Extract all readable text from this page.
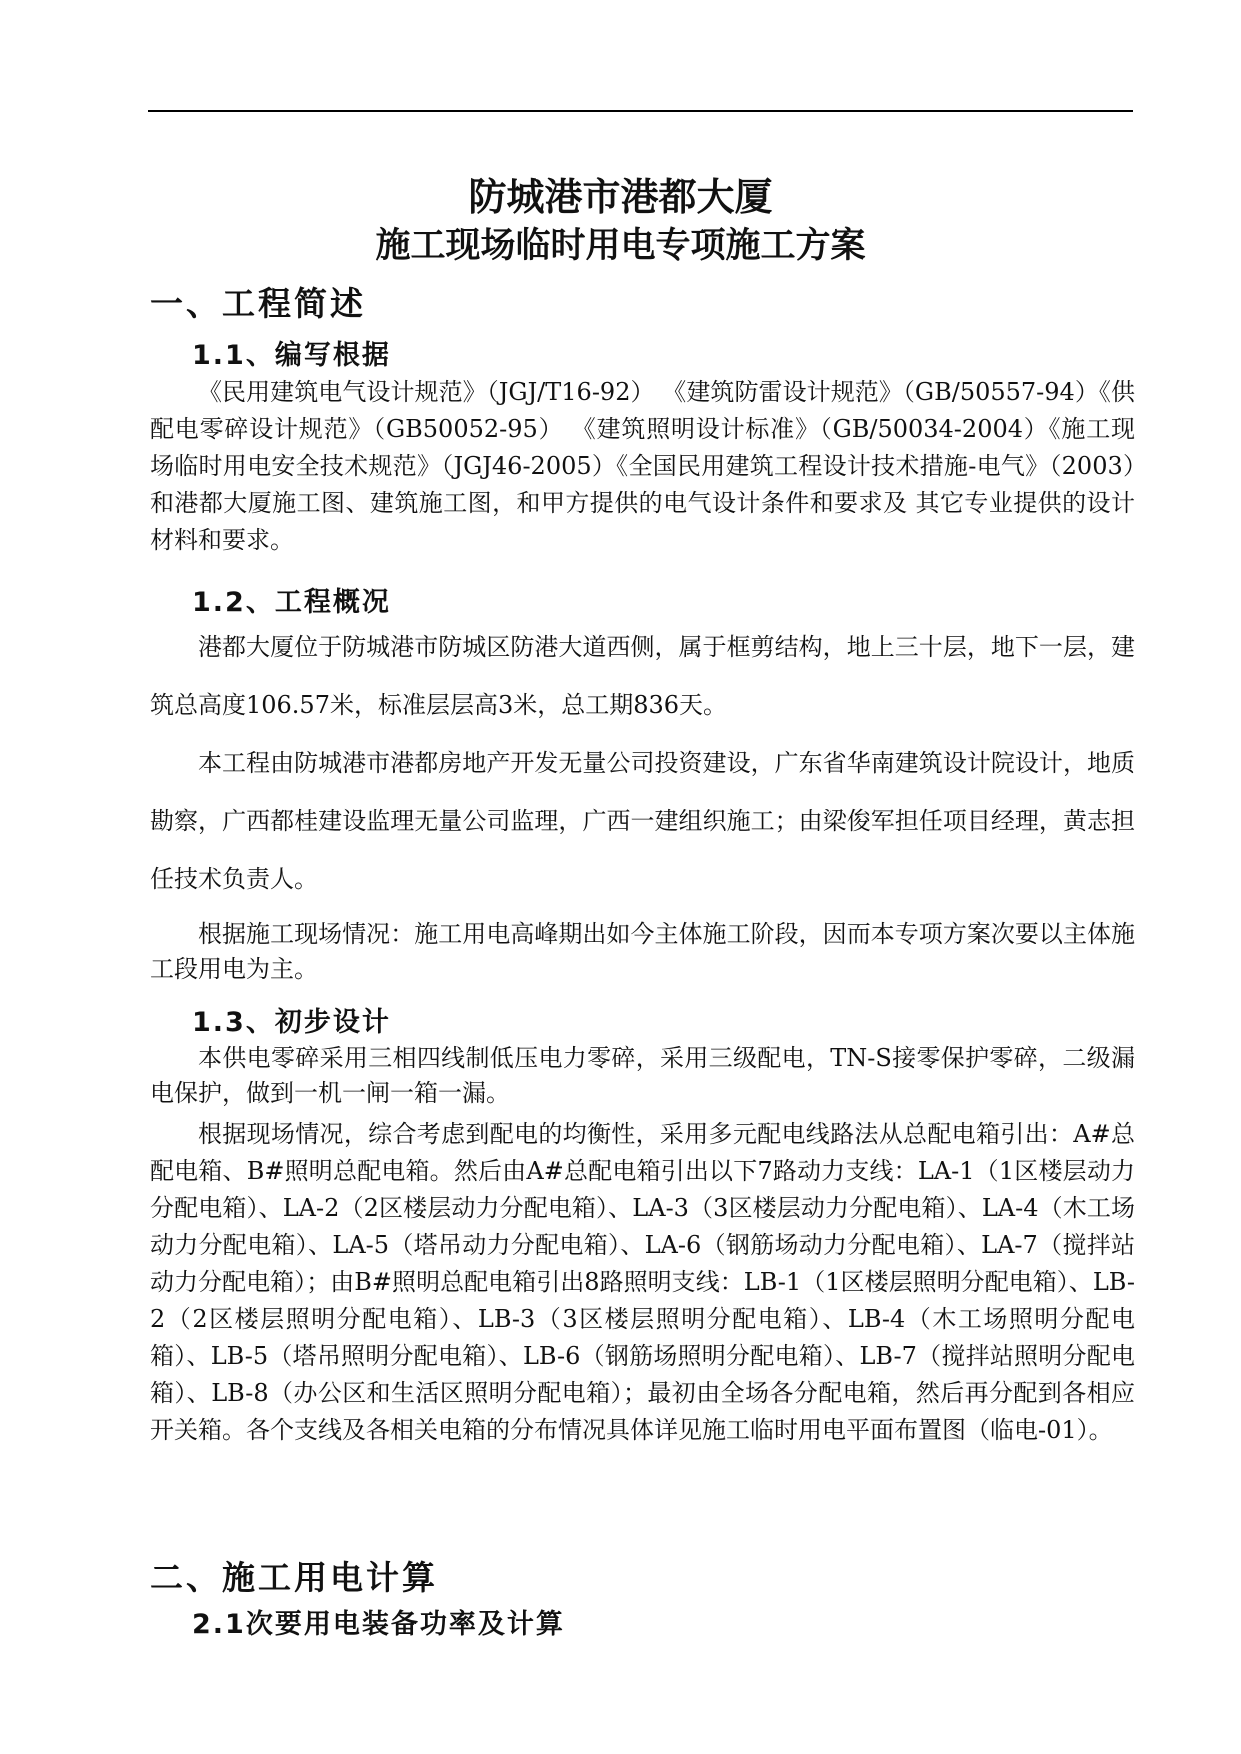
防城港市港都大厦
施工现场临时用电专项施工方案
一、工程简述
1.1、编写根据

《民用建筑电气设计规范》（JGJ/T16-92） 《建筑防雷设计规范》（GB/50557-94）《供配电零碎设计规范》（GB50052-95） 《建筑照明设计标准》（GB/50034-2004）《施工现场临时用电安全技术规范》（JGJ46-2005）《全国民用建筑工程设计技术措施-电气》（2003）和港都大厦施工图、建筑施工图，和甲方提供的电气设计条件和要求及 其它专业提供的设计材料和要求。

1.2、工程概况

港都大厦位于防城港市防城区防港大道西侧，属于框剪结构，地上三十层，地下一层，建筑总高度106.57米，标准层层高3米，总工期836天。

本工程由防城港市港都房地产开发无量公司投资建设，广东省华南建筑设计院设计，地质勘察，广西都桂建设监理无量公司监理，广西一建组织施工；由梁俊军担任项目经理，黄志担任技术负责人。

根据施工现场情况：施工用电高峰期出如今主体施工阶段，因而本专项方案次要以主体施工段用电为主。

1.3、初步设计

本供电零碎采用三相四线制低压电力零碎，采用三级配电，TN-S接零保护零碎，二级漏电保护，做到一机一闸一箱一漏。

根据现场情况，综合考虑到配电的均衡性，采用多元配电线路法从总配电箱引出：A#总配电箱、B#照明总配电箱。然后由A#总配电箱引出以下7路动力支线：LA-1（1区楼层动力分配电箱）、LA-2（2区楼层动力分配电箱）、LA-3（3区楼层动力分配电箱）、LA-4（木工场动力分配电箱）、LA-5（塔吊动力分配电箱）、LA-6（钢筋场动力分配电箱）、LA-7（搅拌站动力分配电箱）；由B#照明总配电箱引出8路照明支线：LB-1（1区楼层照明分配电箱）、LB-2（2区楼层照明分配电箱）、LB-3（3区楼层照明分配电箱）、LB-4（木工场照明分配电箱）、LB-5（塔吊照明分配电箱）、LB-6（钢筋场照明分配电箱）、LB-7（搅拌站照明分配电箱）、LB-8（办公区和生活区照明分配电箱）；最初由全场各分配电箱，然后再分配到各相应开关箱。各个支线及各相关电箱的分布情况具体详见施工临时用电平面布置图（临电-01）。

二、施工用电计算
2.1次要用电装备功率及计算
